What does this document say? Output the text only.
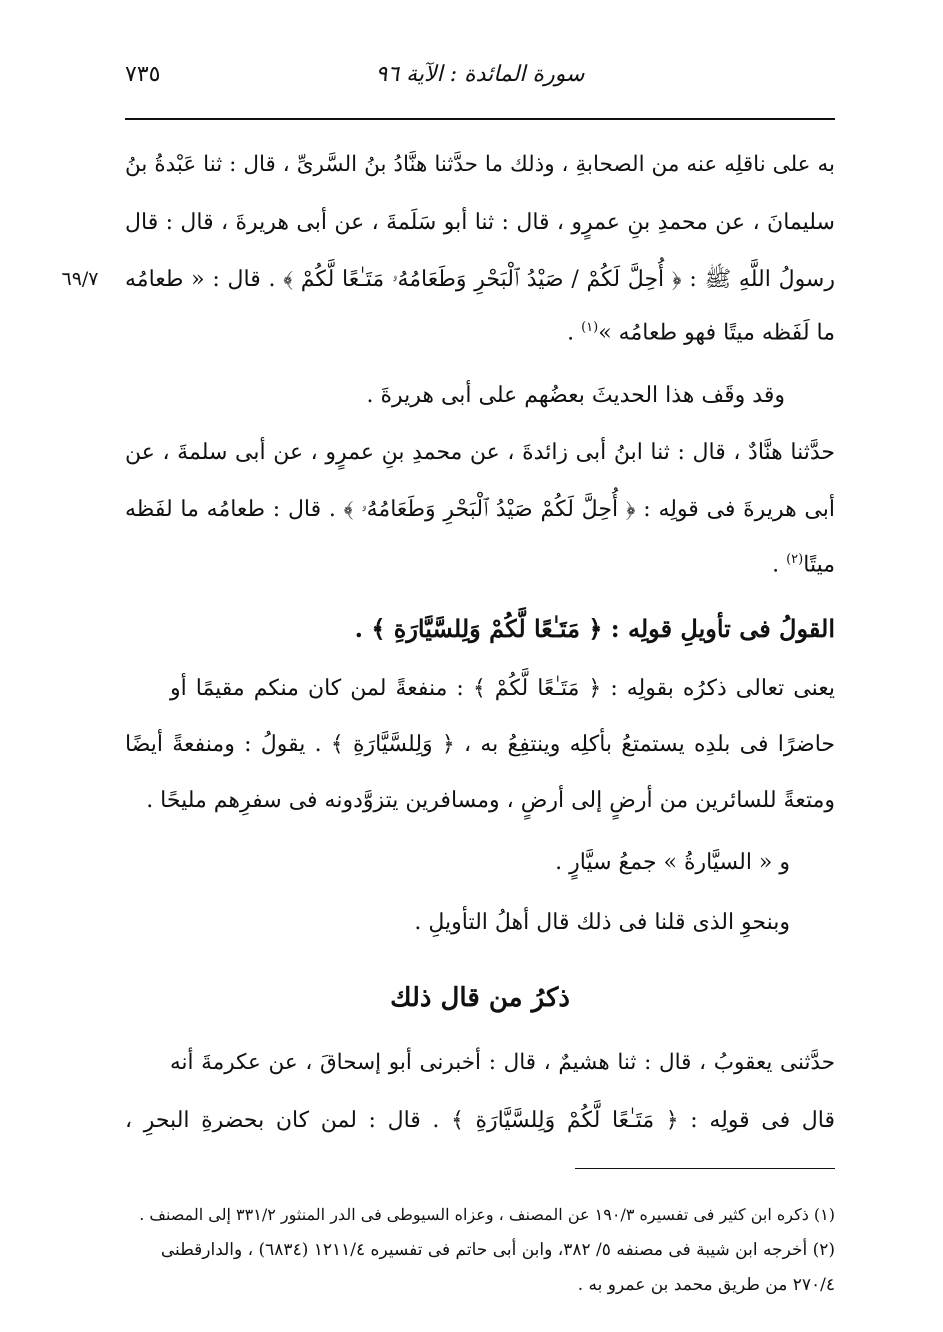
سورة المائدة : الآية ٩٦
٧٣٥
٦٩/٧
به على ناقلِه عنه من الصحابةِ ، وذلك ما حدَّثنا هنَّادُ بنُ السَّرىِّ ، قال : ثنا عَبْدةُ بنُ
سليمانَ ، عن محمدِ بنِ عمرٍو ، قال : ثنا أبو سَلَمةَ ، عن أبى هريرةَ ، قال : قال
رسولُ اللَّهِ ﷺ : ﴿ أُحِلَّ لَكُمْ / صَيْدُ ٱلْبَحْرِ وَطَعَامُهُۥ مَتَـٰعًا لَّكُمْ ﴾ . قال : « طعامُه
ما لَفَظه ميتًا فهو طعامُه »$^{(١)}$ .
وقد وقَف هذا الحديثَ بعضُهم على أبى هريرةَ .
حدَّثنا هنَّادٌ ، قال : ثنا ابنُ أبى زائدةَ ، عن محمدِ بنِ عمرٍو ، عن أبى سلمةَ ، عن
أبى هريرةَ فى قولِه : ﴿ أُحِلَّ لَكُمْ صَيْدُ ٱلْبَحْرِ وَطَعَامُهُۥ ﴾ . قال : طعامُه ما لفَظه
ميتًا$^{(٢)}$ .
القولُ فى تأويلِ قولِه : ﴿ مَتَـٰعًا لَّكُمْ وَلِلسَّيَّارَةِ ﴾ .
يعنى تعالى ذكرُه بقولِه : ﴿ مَتَـٰعًا لَّكُمْ ﴾ : منفعةً لمن كان منكم مقيمًا أو
حاضرًا فى بلدِه يستمتعُ بأكلِه وينتفِعُ به ، ﴿ وَلِلسَّيَّارَةِ ﴾ . يقولُ : ومنفعةً أيضًا
ومتعةً للسائرين من أرضٍ إلى أرضٍ ، ومسافرين يتزوَّدونه فى سفرِهم مليحًا .
و « السيَّارةُ » جمعُ سيَّارٍ .
وبنحوِ الذى قلنا فى ذلك قال أهلُ التأويلِ .
ذكرُ من قال ذلك
حدَّثنى يعقوبُ ، قال : ثنا هشيمٌ ، قال : أخبرنى أبو إسحاقَ ، عن عكرمةَ أنه
قال فى قولِه : ﴿ مَتَـٰعًا لَّكُمْ وَلِلسَّيَّارَةِ ﴾ . قال : لمن كان بحضرةِ البحرِ ،
(١) ذكره ابن كثير فى تفسيره ١٩٠/٣ عن المصنف ، وعزاه السيوطى فى الدر المنثور ٣٣١/٢ إلى المصنف .
(٢) أخرجه ابن شيبة فى مصنفه ٥/ ٣٨٢، وابن أبى حاتم فى تفسيره ١٢١١/٤ (٦٨٣٤) ، والدارقطنى
٢٧٠/٤ من طريق محمد بن عمرو به .
